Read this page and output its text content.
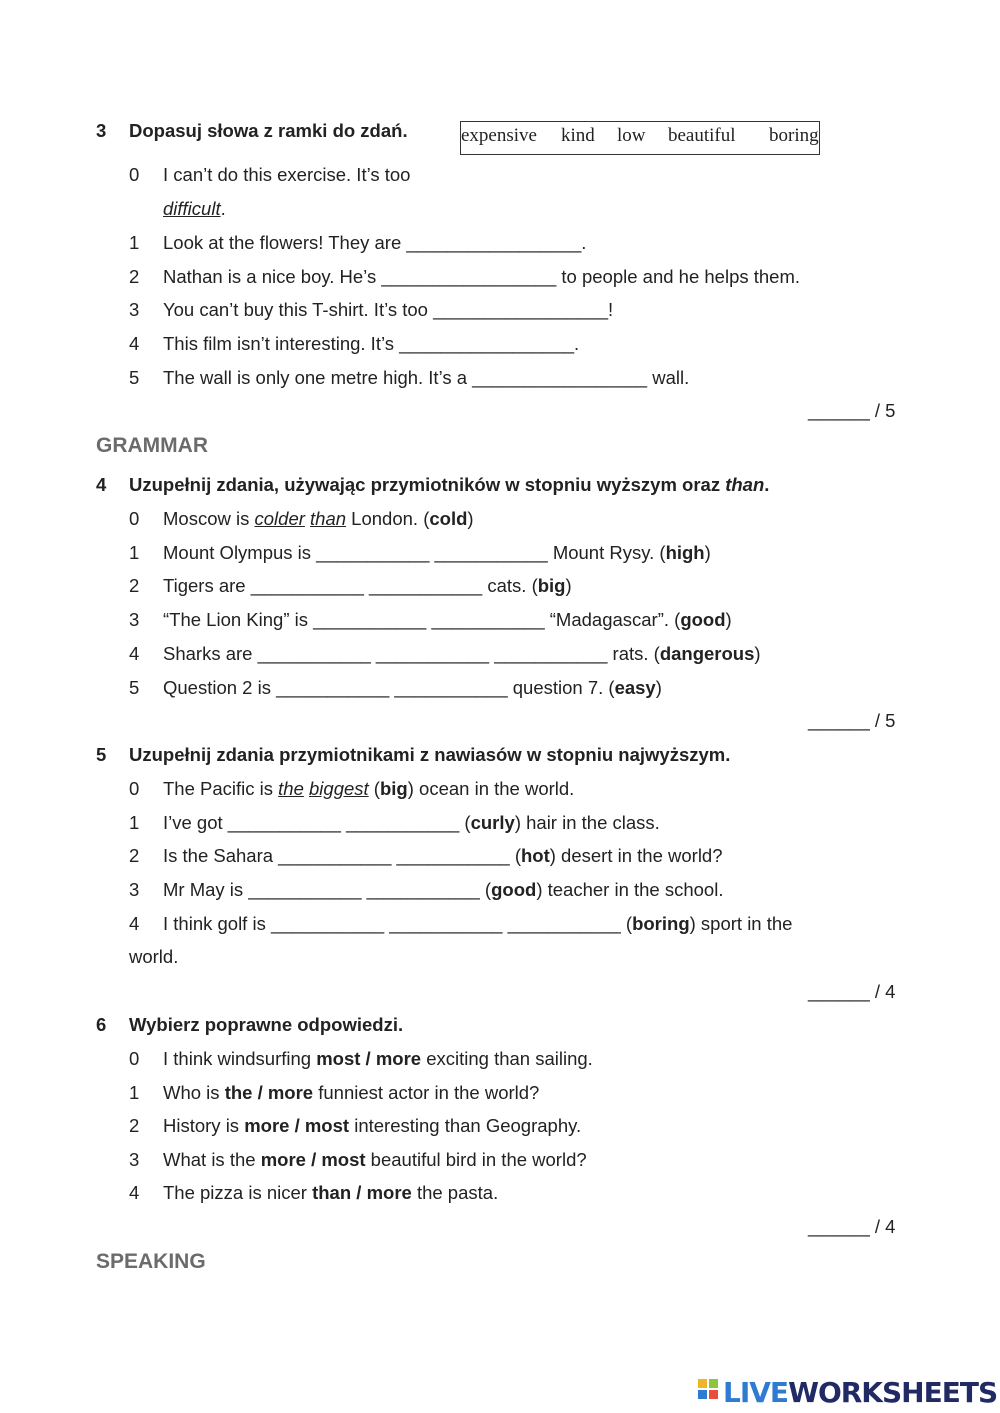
3 Dopasuj słowa z ramki do zdań.	expensive kind low beautiful boring
0 I can’t do this exercise. It’s too
difficult.
1 Look at the flowers! They are _________________.
2 Nathan is a nice boy. He’s _________________ to people and he helps them.
3 You can’t buy this T-shirt. It’s too _________________!
4 This film isn’t interesting. It’s _________________.
5 The wall is only one metre high. It’s a _________________ wall.
______ / 5
GRAMMAR
4 Uzupełnij zdania, używając przymiotników w stopniu wyższym oraz than.
0 Moscow is colder than London. (cold)
1 Mount Olympus is ___________ ___________ Mount Rysy. (high)
2 Tigers are ___________ ___________ cats. (big)
3 “The Lion King” is ___________ ___________ “Madagascar”. (good)
4 Sharks are ___________ ___________ ___________ rats. (dangerous)
5 Question 2 is ___________ ___________ question 7. (easy)
______ / 5
5 Uzupełnij zdania przymiotnikami z nawiasów w stopniu najwyższym.
0 The Pacific is the biggest (big) ocean in the world.
1 I’ve got ___________ ___________ (curly) hair in the class.
2 Is the Sahara ___________ ___________ (hot) desert in the world?
3 Mr May is ___________ ___________ (good) teacher in the school.
4 I think golf is ___________ ___________ ___________ (boring) sport in the
world.
______ / 4
6 Wybierz poprawne odpowiedzi.
0 I think windsurfing most / more exciting than sailing.
1 Who is the / more funniest actor in the world?
2 History is more / most interesting than Geography.
3 What is the more / most beautiful bird in the world?
4 The pizza is nicer than / more the pasta.
______ / 4
SPEAKING
LIVEWORKSHEETS
